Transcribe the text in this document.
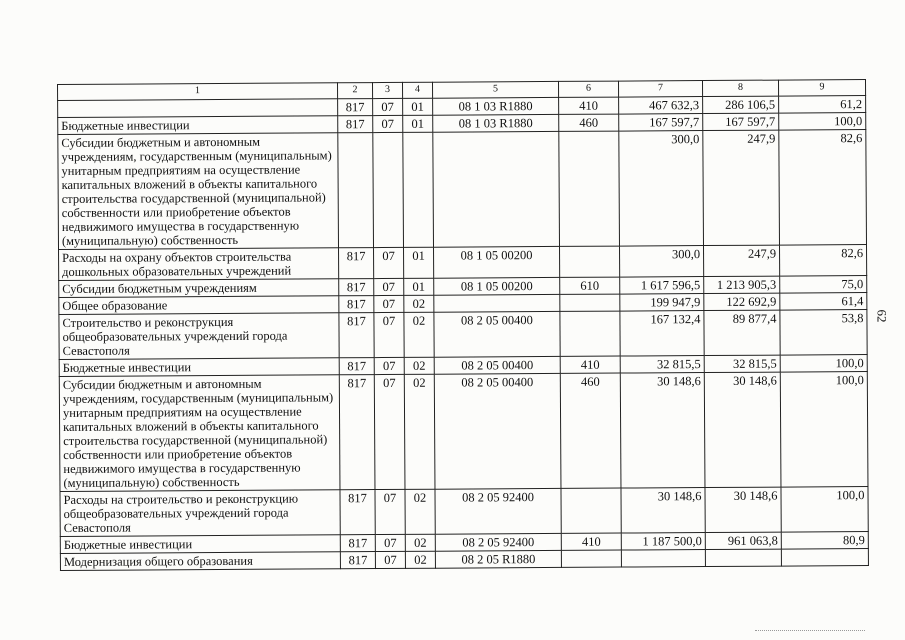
1	2	3	4	5	6	7	8	9
	817	07	01	08 1 03 R1880	410	467 632,3	286 106,5	61,2
Бюджетные инвестиции	817	07	01	08 1 03 R1880	460	167 597,7	167 597,7	100,0
Субсидии бюджетным и автономным учреждениям, государственным (муниципальным) унитарным предприятиям на осуществление капитальных вложений в объекты капитального строительства государственной (муниципальной) собственности или приобретение объектов недвижимого имущества в государственную (муниципальную) собственность						300,0	247,9	82,6
Расходы на охрану объектов строительства дошкольных образовательных учреждений	817	07	01	08 1 05 00200		300,0	247,9	82,6
Субсидии бюджетным учреждениям	817	07	01	08 1 05 00200	610	1 617 596,5	1 213 905,3	75,0
Общее образование	817	07	02			199 947,9	122 692,9	61,4
Строительство и реконструкция общеобразовательных учреждений города Севастополя	817	07	02	08 2 05 00400		167 132,4	89 877,4	53,8
Бюджетные инвестиции	817	07	02	08 2 05 00400	410	32 815,5	32 815,5	100,0
Субсидии бюджетным и автономным учреждениям, государственным (муниципальным) унитарным предприятиям на осуществление капитальных вложений в объекты капитального строительства государственной (муниципальной) собственности или приобретение объектов недвижимого имущества в государственную (муниципальную) собственность	817	07	02	08 2 05 00400	460	30 148,6	30 148,6	100,0
Расходы на строительство и реконструкцию общеобразовательных учреждений города Севастополя	817	07	02	08 2 05 92400		30 148,6	30 148,6	100,0
Бюджетные инвестиции	817	07	02	08 2 05 92400	410	1 187 500,0	961 063,8	80,9
Модернизация общего образования	817	07	02	08 2 05 R1880				
62
